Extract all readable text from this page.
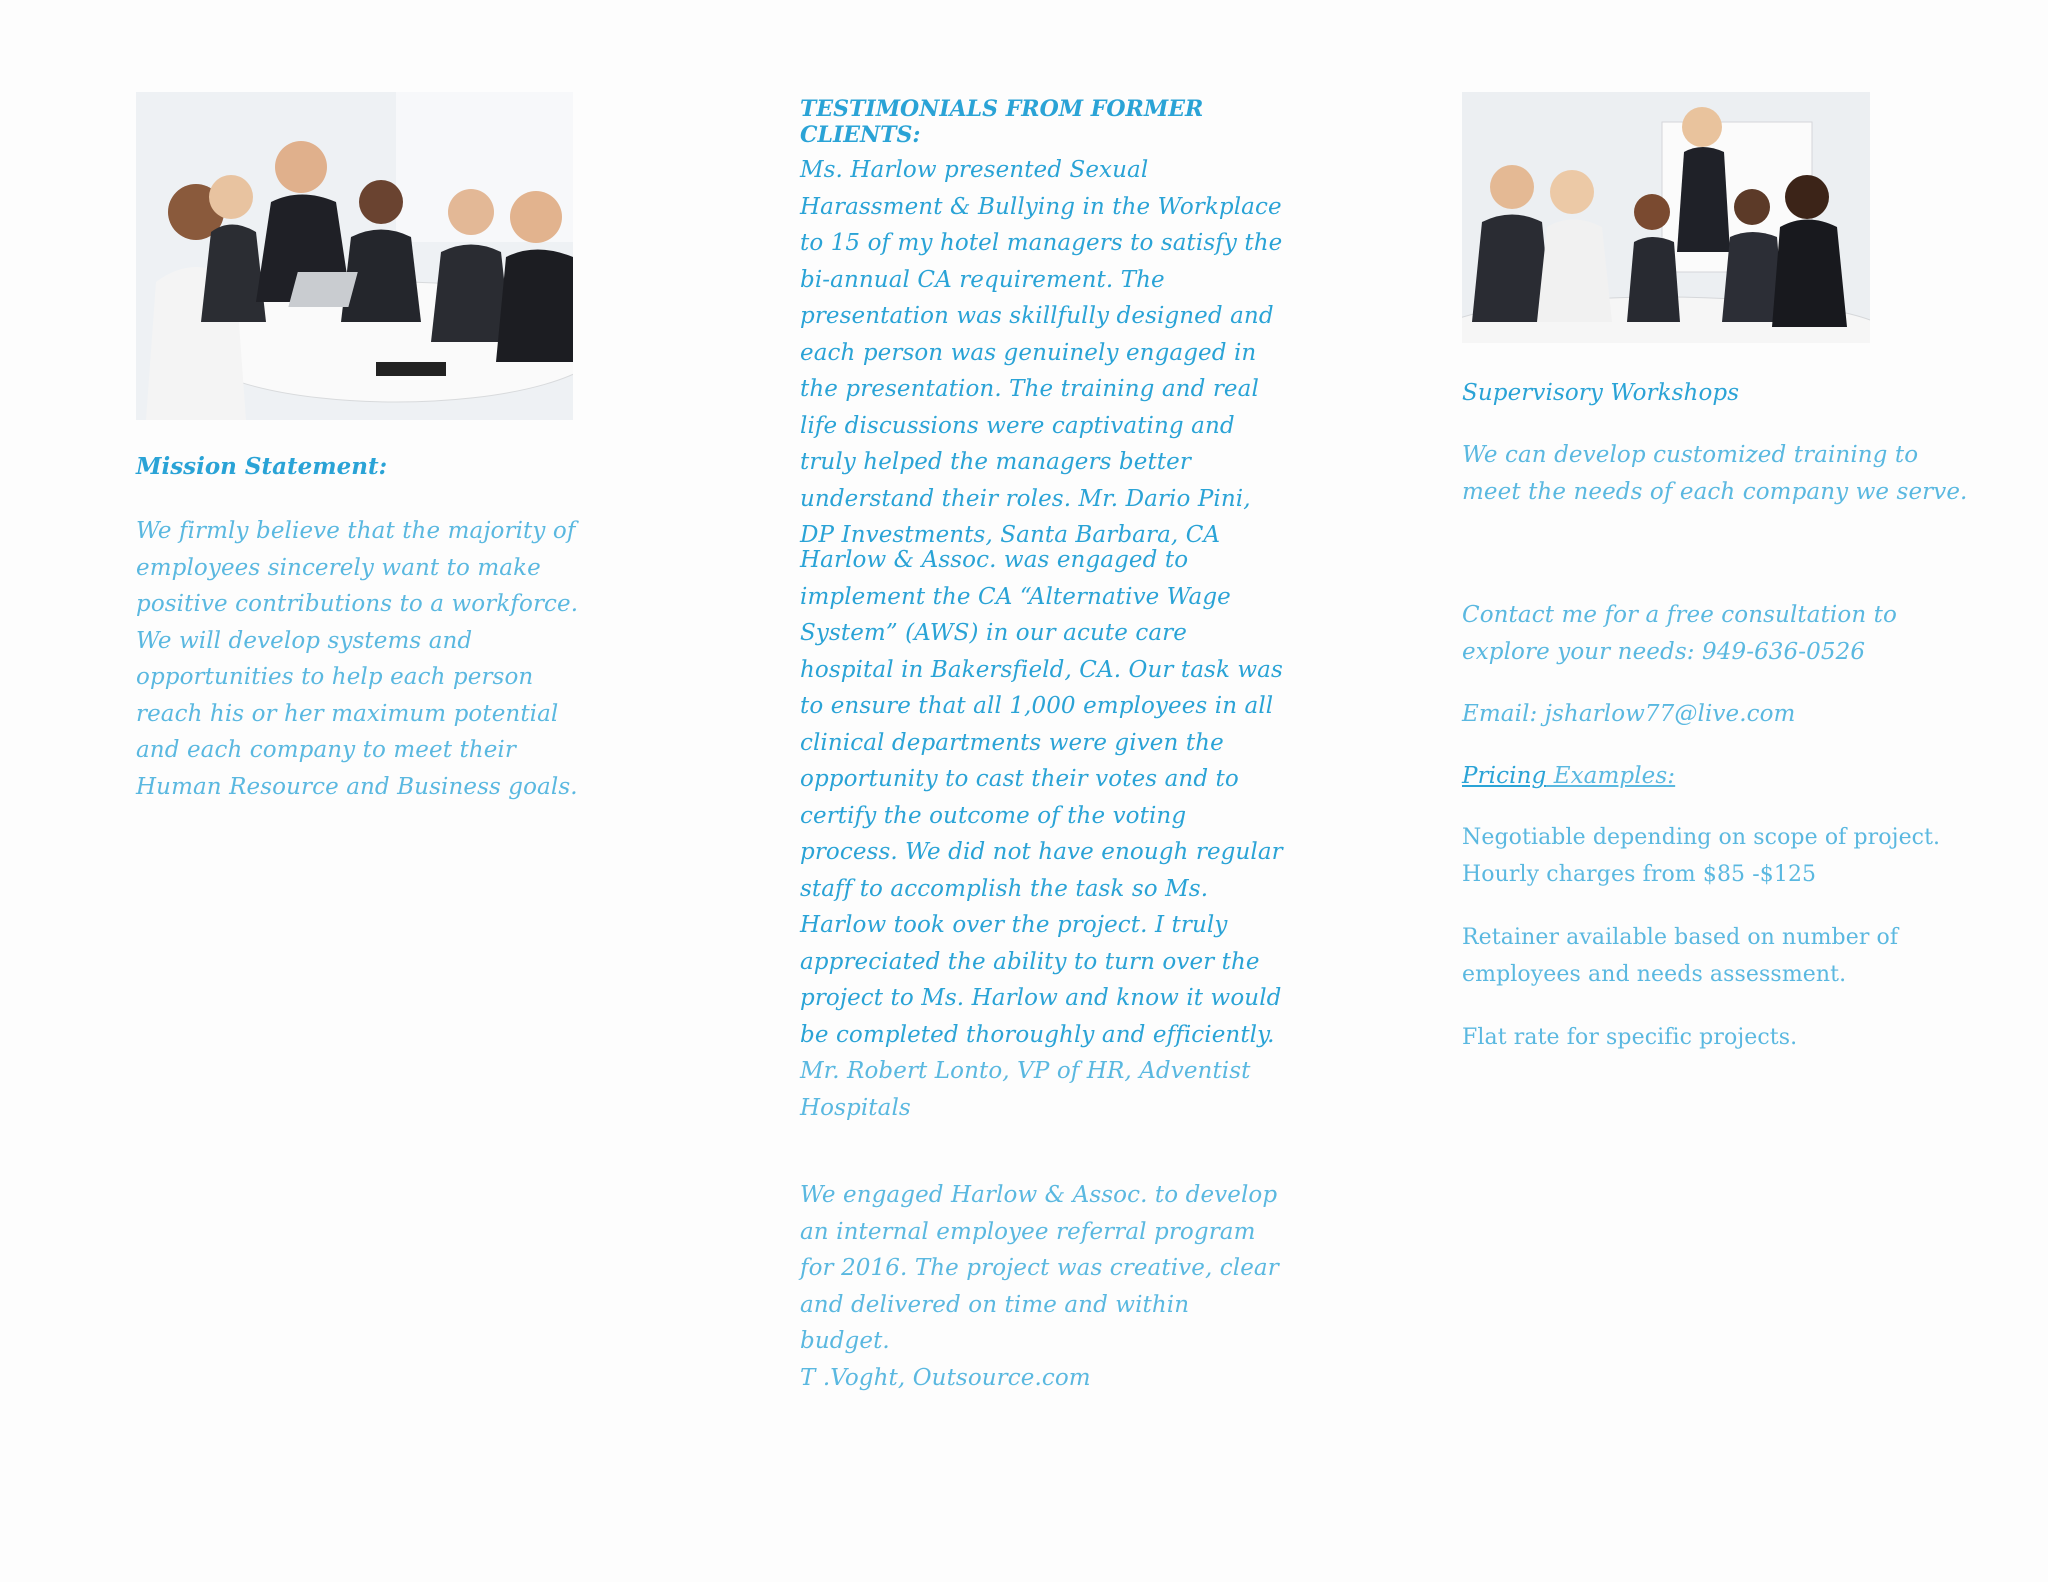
Mission Statement:

We firmly believe that the majority of employees sincerely want to make positive contributions to a workforce. We will develop systems and opportunities to help each person reach his or her maximum potential and each company to meet their Human Resource and Business goals.

TESTIMONIALS FROM FORMER CLIENTS:

Ms. Harlow presented Sexual Harassment & Bullying in the Workplace to 15 of my hotel managers to satisfy the bi-annual CA requirement. The presentation was skillfully designed and each person was genuinely engaged in the presentation. The training and real life discussions were captivating and truly helped the managers better understand their roles. Mr. Dario Pini, DP Investments, Santa Barbara, CA

Harlow & Assoc. was engaged to implement the CA “Alternative Wage System” (AWS) in our acute care hospital in Bakersfield, CA. Our task was to ensure that all 1,000 employees in all clinical departments were given the opportunity to cast their votes and to certify the outcome of the voting process. We did not have enough regular staff to accomplish the task so Ms. Harlow took over the project. I truly appreciated the ability to turn over the project to Ms. Harlow and know it would be completed thoroughly and efficiently. Mr. Robert Lonto, VP of HR, Adventist Hospitals

We engaged Harlow & Assoc. to develop an internal employee referral program for 2016. The project was creative, clear and delivered on time and within budget.
T .Voght, Outsource.com

Supervisory Workshops

We can develop customized training to meet the needs of each company we serve.

Contact me for a free consultation to explore your needs: 949-636-0526

Email: jsharlow77@live.com

Pricing Examples:

Negotiable depending on scope of project. Hourly charges from $85 -$125

Retainer available based on number of employees and needs assessment.

Flat rate for specific projects.
